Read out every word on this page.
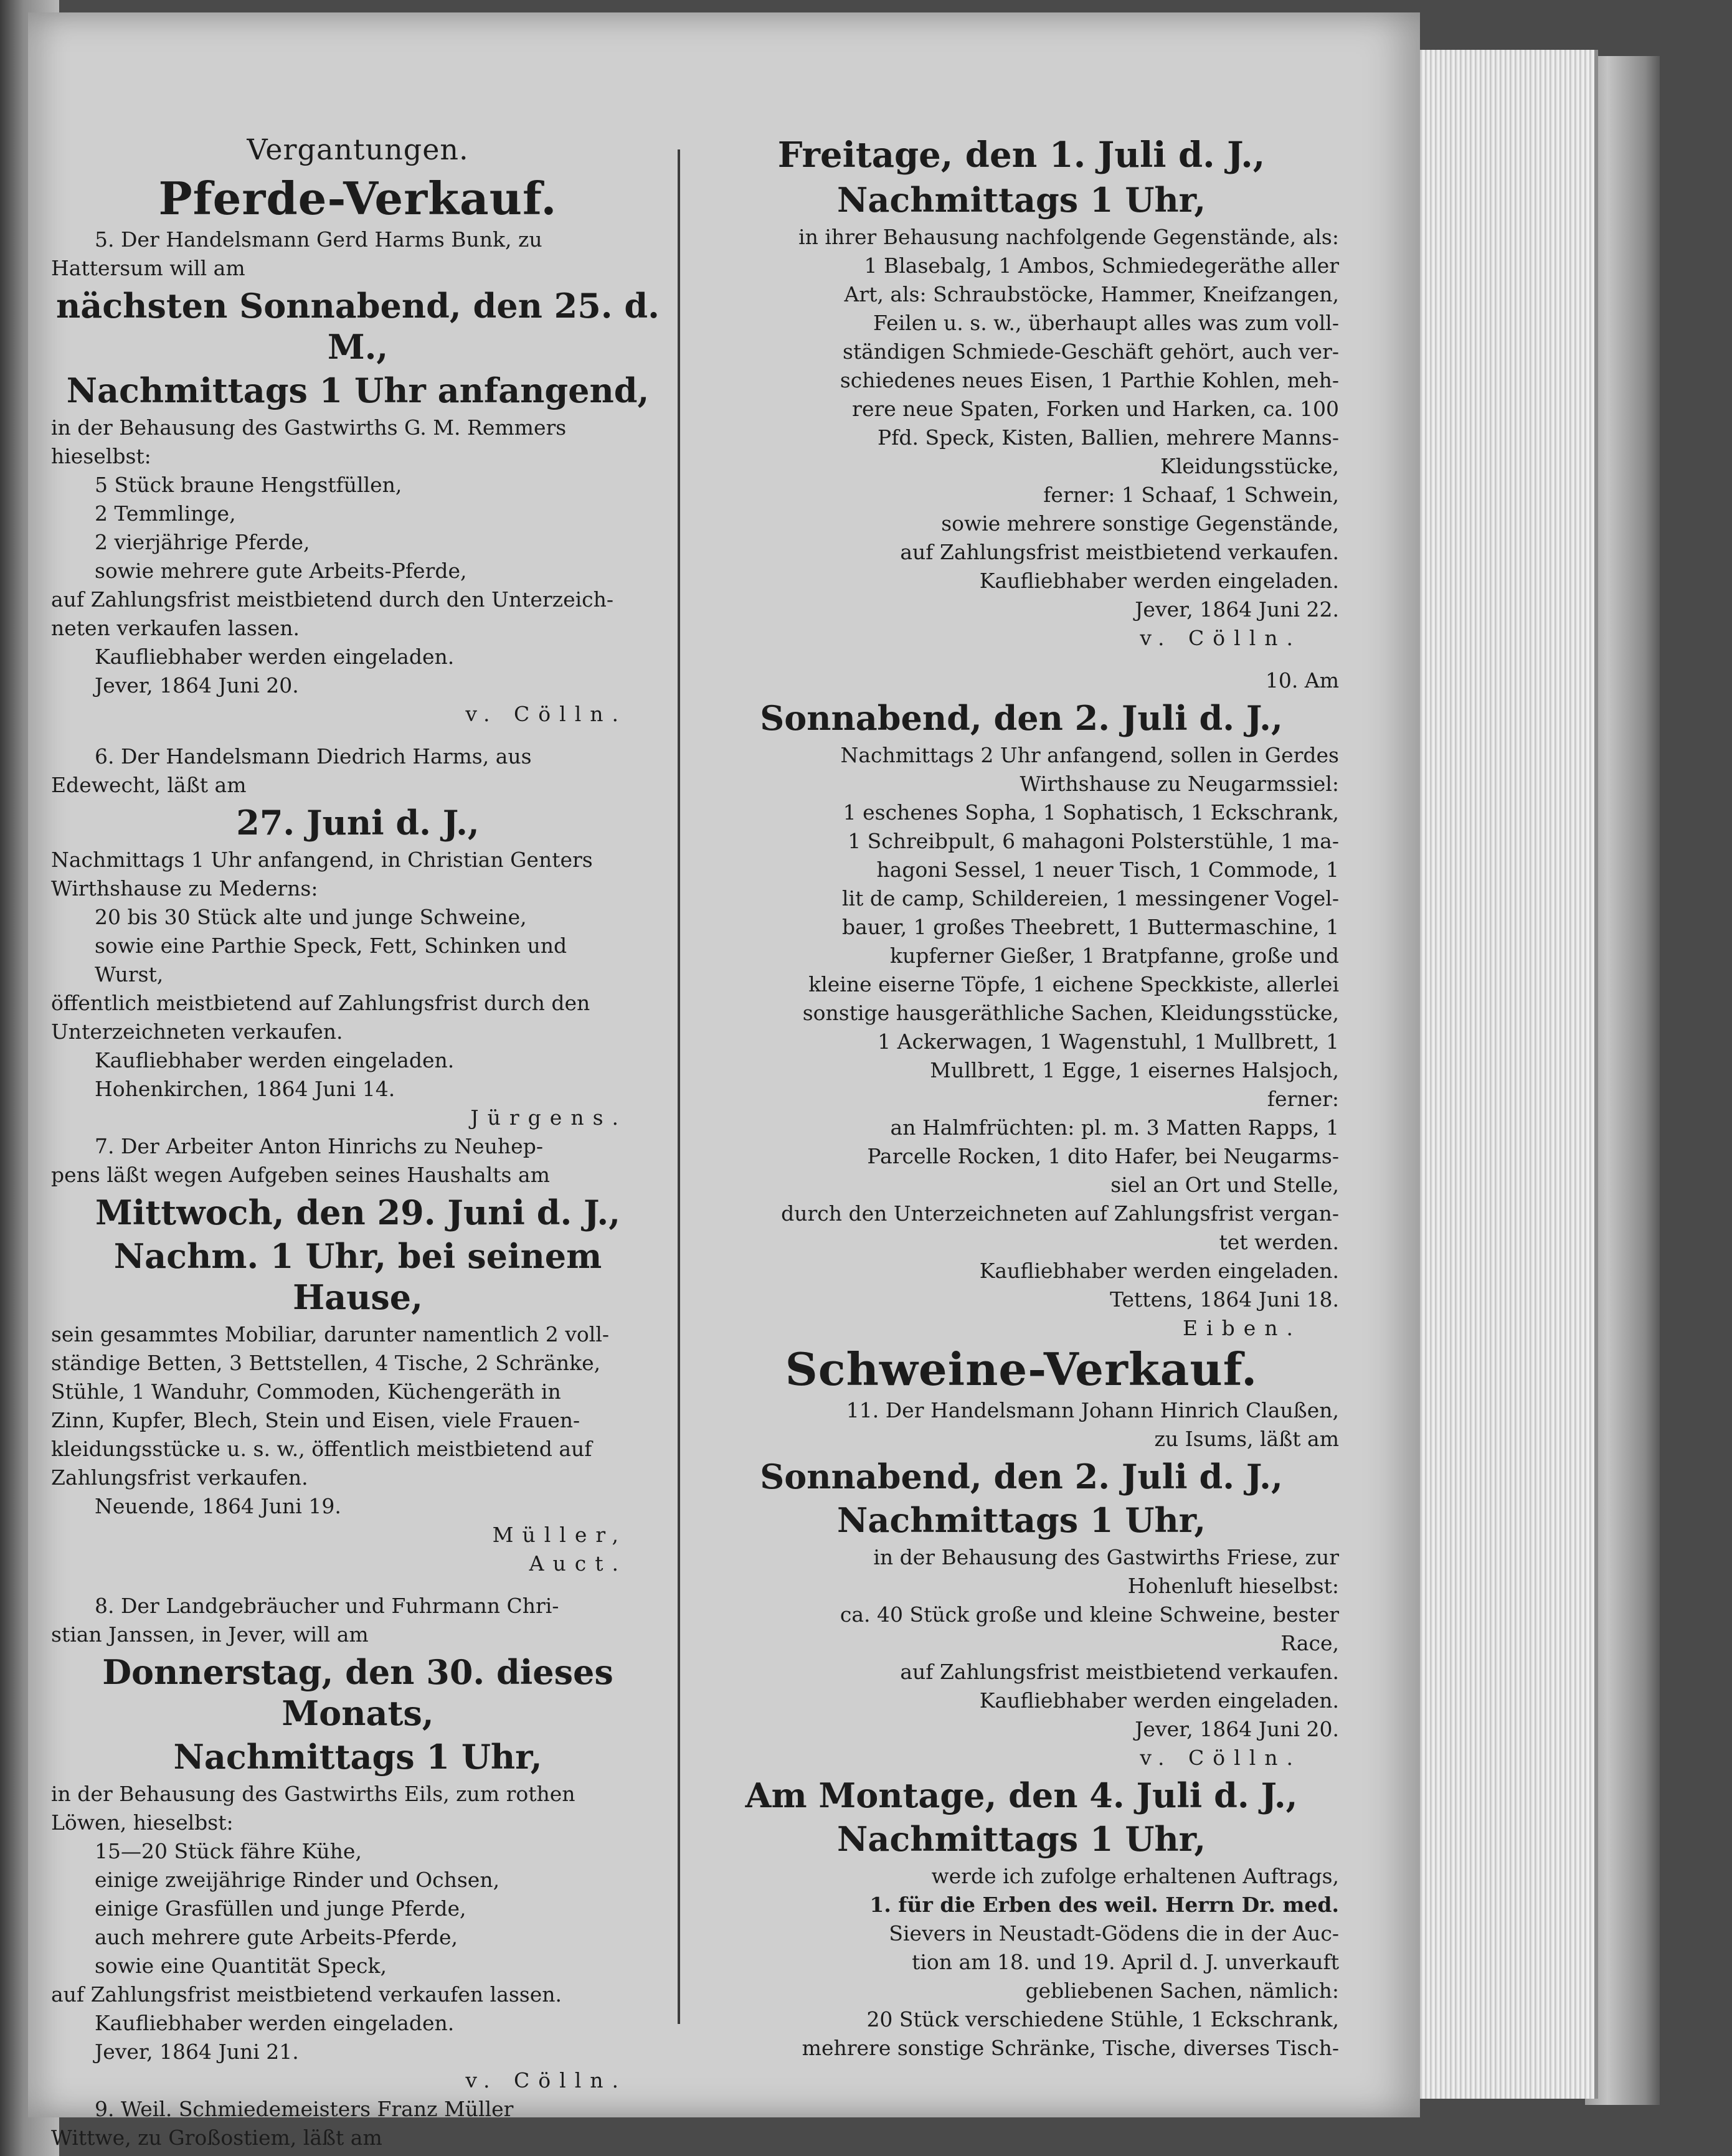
Vergantungen.
Pferde-Verkauf.

5. Der Handelsmann Gerd Harms Bunk, zu

Hattersum will am

nächsten Sonnabend, den 25. d. M.,
Nachmittags 1 Uhr anfangend,

in der Behausung des Gastwirths G. M. Remmers

hieselbst:

5 Stück braune Hengstfüllen,

2 Temmlinge,

2 vierjährige Pferde,

sowie mehrere gute Arbeits-Pferde,

auf Zahlungsfrist meistbietend durch den Unterzeich-

neten verkaufen lassen.

Kaufliebhaber werden eingeladen.

Jever, 1864 Juni 20.

v. Cölln.

6. Der Handelsmann Diedrich Harms, aus

Edewecht, läßt am

27. Juni d. J.,

Nachmittags 1 Uhr anfangend, in Christian Genters

Wirthshause zu Mederns:

20 bis 30 Stück alte und junge Schweine,

sowie eine Parthie Speck, Fett, Schinken und

Wurst,

öffentlich meistbietend auf Zahlungsfrist durch den

Unterzeichneten verkaufen.

Kaufliebhaber werden eingeladen.

Hohenkirchen, 1864 Juni 14.

Jürgens.

7. Der Arbeiter Anton Hinrichs zu Neuhep-

pens läßt wegen Aufgeben seines Haushalts am

Mittwoch, den 29. Juni d. J.,
Nachm. 1 Uhr, bei seinem Hause,

sein gesammtes Mobiliar, darunter namentlich 2 voll-

ständige Betten, 3 Bettstellen, 4 Tische, 2 Schränke,

Stühle, 1 Wanduhr, Commoden, Küchengeräth in

Zinn, Kupfer, Blech, Stein und Eisen, viele Frauen-

kleidungsstücke u. s. w., öffentlich meistbietend auf

Zahlungsfrist verkaufen.

Neuende, 1864 Juni 19.

Müller,

Auct.

8. Der Landgebräucher und Fuhrmann Chri-

stian Janssen, in Jever, will am

Donnerstag, den 30. dieses Monats,
Nachmittags 1 Uhr,

in der Behausung des Gastwirths Eils, zum rothen

Löwen, hieselbst:

15—20 Stück fähre Kühe,

einige zweijährige Rinder und Ochsen,

einige Grasfüllen und junge Pferde,

auch mehrere gute Arbeits-Pferde,

sowie eine Quantität Speck,

auf Zahlungsfrist meistbietend verkaufen lassen.

Kaufliebhaber werden eingeladen.

Jever, 1864 Juni 21.

v. Cölln.

9. Weil. Schmiedemeisters Franz Müller

Wittwe, zu Großostiem, läßt am

Freitage, den 1. Juli d. J.,
Nachmittags 1 Uhr,

in ihrer Behausung nachfolgende Gegenstände, als:

1 Blasebalg, 1 Ambos, Schmiedegeräthe aller

Art, als: Schraubstöcke, Hammer, Kneifzangen,

Feilen u. s. w., überhaupt alles was zum voll-

ständigen Schmiede-Geschäft gehört, auch ver-

schiedenes neues Eisen, 1 Parthie Kohlen, meh-

rere neue Spaten, Forken und Harken, ca. 100

Pfd. Speck, Kisten, Ballien, mehrere Manns-

Kleidungsstücke,

ferner: 1 Schaaf, 1 Schwein,

sowie mehrere sonstige Gegenstände,

auf Zahlungsfrist meistbietend verkaufen.

Kaufliebhaber werden eingeladen.

Jever, 1864 Juni 22.

v. Cölln.

10. Am

Sonnabend, den 2. Juli d. J.,

Nachmittags 2 Uhr anfangend, sollen in Gerdes

Wirthshause zu Neugarmssiel:

1 eschenes Sopha, 1 Sophatisch, 1 Eckschrank,

1 Schreibpult, 6 mahagoni Polsterstühle, 1 ma-

hagoni Sessel, 1 neuer Tisch, 1 Commode, 1

lit de camp, Schildereien, 1 messingener Vogel-

bauer, 1 großes Theebrett, 1 Buttermaschine, 1

kupferner Gießer, 1 Bratpfanne, große und

kleine eiserne Töpfe, 1 eichene Speckkiste, allerlei

sonstige hausgeräthliche Sachen, Kleidungsstücke,

1 Ackerwagen, 1 Wagenstuhl, 1 Mullbrett, 1

Mullbrett, 1 Egge, 1 eisernes Halsjoch,

ferner:

an Halmfrüchten: pl. m. 3 Matten Rapps, 1

Parcelle Rocken, 1 dito Hafer, bei Neugarms-

siel an Ort und Stelle,

durch den Unterzeichneten auf Zahlungsfrist vergan-

tet werden.

Kaufliebhaber werden eingeladen.

Tettens, 1864 Juni 18.

Eiben.

Schweine-Verkauf.

11. Der Handelsmann Johann Hinrich Claußen,

zu Isums, läßt am

Sonnabend, den 2. Juli d. J.,
Nachmittags 1 Uhr,

in der Behausung des Gastwirths Friese, zur

Hohenluft hieselbst:

ca. 40 Stück große und kleine Schweine, bester

Race,

auf Zahlungsfrist meistbietend verkaufen.

Kaufliebhaber werden eingeladen.

Jever, 1864 Juni 20.

v. Cölln.

Am Montage, den 4. Juli d. J.,
Nachmittags 1 Uhr,

werde ich zufolge erhaltenen Auftrags,

1. für die Erben des weil. Herrn Dr. med.

Sievers in Neustadt-Gödens die in der Auc-

tion am 18. und 19. April d. J. unverkauft

gebliebenen Sachen, nämlich:

20 Stück verschiedene Stühle, 1 Eckschrank,

mehrere sonstige Schränke, Tische, diverses Tisch-
